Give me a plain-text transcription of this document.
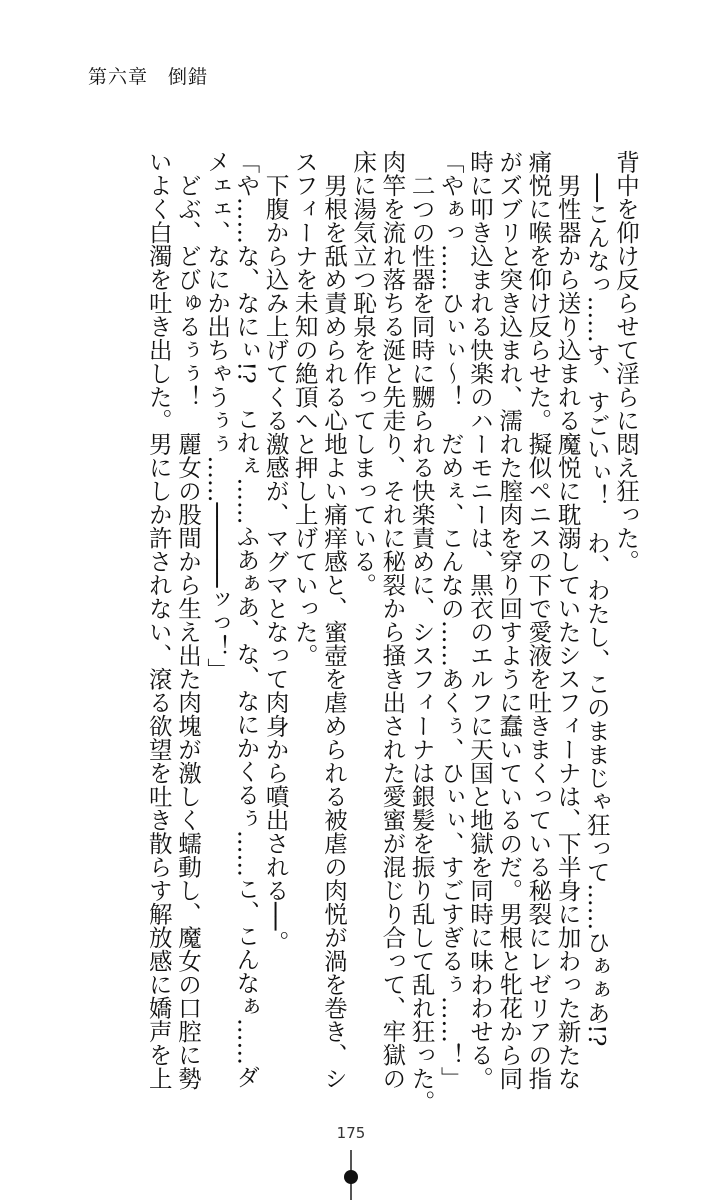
第六章　倒錯
背中を仰け反らせて淫らに悶え狂った。
　──こんなっ……す、すごいぃ！　わ、わたし、このままじゃ狂って……ひぁぁあ!?
　男性器から送り込まれる魔悦に耽溺していたシスフィーナは、下半身に加わった新たな
痛悦に喉を仰け反らせた。擬似ペニスの下で愛液を吐きまくっている秘裂にレゼリアの指
がズブリと突き込まれ、濡れた膣肉を穿り回すように蠢いているのだ。男根と牝花から同
時に叩き込まれる快楽のハーモニーは、黒衣のエルフに天国と地獄を同時に味わわせる。
「やぁっ……ひぃぃ〜！　だめぇ、こんなの……あくぅ、ひぃぃ、すごすぎるぅ……！」
　二つの性器を同時に嬲られる快楽責めに、シスフィーナは銀髪を振り乱して乱れ狂った。
肉竿を流れ落ちる涎と先走り、それに秘裂から掻き出された愛蜜が混じり合って、牢獄の
床に湯気立つ恥泉を作ってしまっている。
　男根を舐め責められる心地よい痛痒感と、蜜壺を虐められる被虐の肉悦が渦を巻き、シ
スフィーナを未知の絶頂へと押し上げていった。
　下腹から込み上げてくる激感が、マグマとなって肉身から噴出される──。
「や……な、なにぃ!?　これぇ……ふあぁあ、な、なにかくるぅ……こ、こんなぁ……ダ
メェェ、なにか出ちゃうぅぅ……──────ッっ！」
　どぶ、どびゅるぅぅ！　麗女の股間から生え出た肉塊が激しく蠕動し、魔女の口腔に勢
いよく白濁を吐き出した。男にしか許されない、滾る欲望を吐き散らす解放感に嬌声を上
175
